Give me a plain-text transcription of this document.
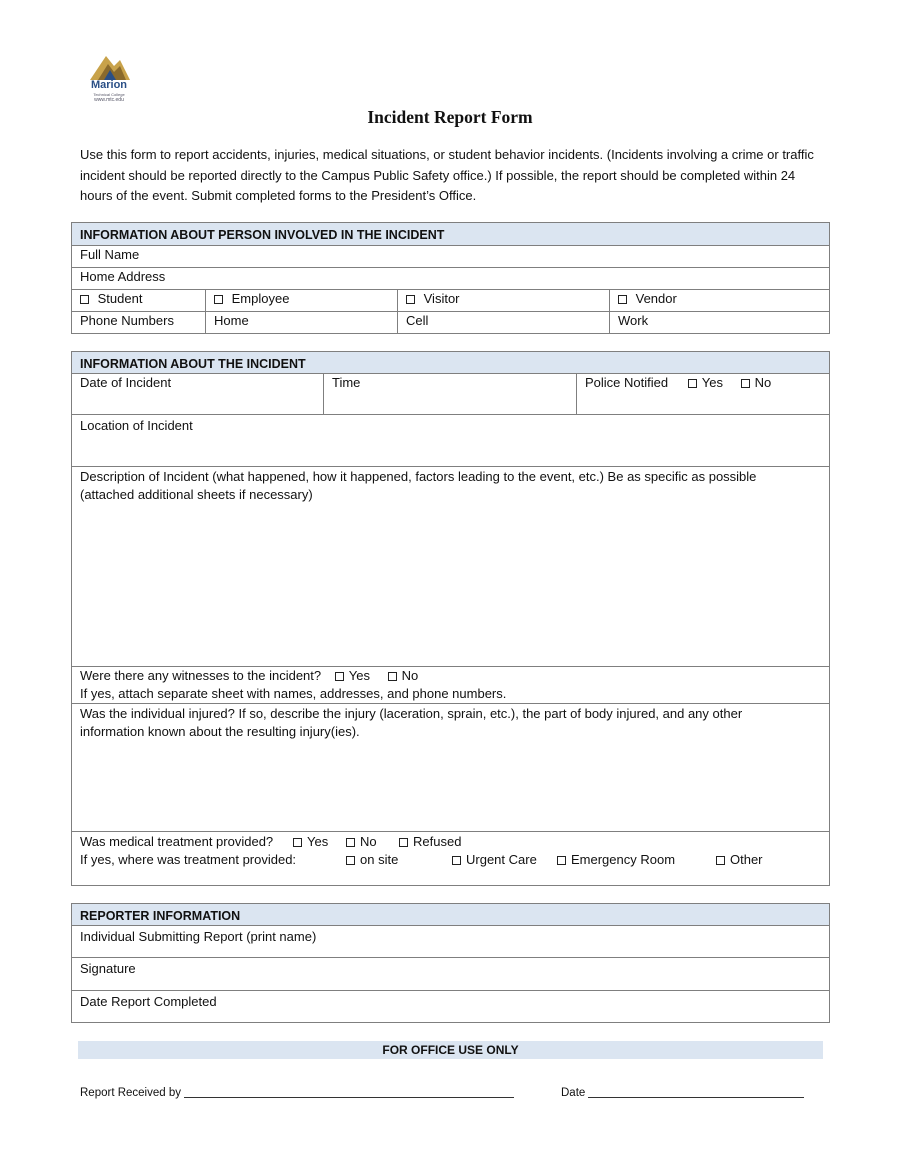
Marion
Technical College
www.mtc.edu
Incident Report Form
Use this form to report accidents, injuries, medical situations, or student behavior incidents. (Incidents involving a crime or traffic incident should be reported directly to the Campus Public Safety office.) If possible, the report should be completed within 24 hours of the event. Submit completed forms to the President’s Office.
INFORMATION ABOUT PERSON INVOLVED IN THE INCIDENT			
Full Name			
Home Address			
Student	Employee	Visitor	Vendor
Phone Numbers	Home	Cell	Work
INFORMATION ABOUT THE INCIDENT
Date of Incident	Time	Police Notified	Yes No
Location of Incident

Description of Incident (what happened, how it happened, factors leading to the event, etc.) Be as specific as possible
(attached additional sheets if necessary)

Were there any witnesses to the incident? Yes No
If yes, attach separate sheet with names, addresses, and phone numbers.

Was the individual injured? If so, describe the injury (laceration, sprain, etc.), the part of body injured, and any other
information known about the resulting injury(ies).

Was medical treatment provided?	Yes	No	Refused
If yes, where was treatment provided:	on site	Urgent Care	Emergency Room	Other
REPORTER INFORMATION
Individual Submitting Report (print name)
Signature
Date Report Completed
FOR OFFICE USE ONLY
Report Received by	Date
